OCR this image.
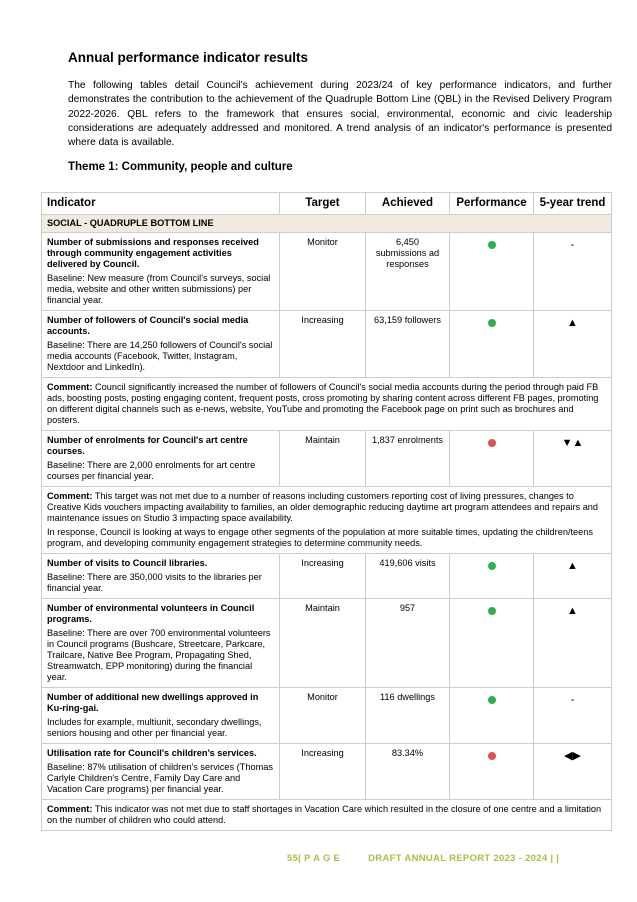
Annual performance indicator results

The following tables detail Council’s achievement during 2023/24 of key performance indicators, and further demonstrates the contribution to the achievement of the Quadruple Bottom Line (QBL) in the Revised Delivery Program 2022-2026. QBL refers to the framework that ensures social, environmental, economic and civic leadership considerations are adequately addressed and monitored. A trend analysis of an indicator's performance is presented where data is available.

Theme 1: Community, people and culture
Indicator	Target	Achieved	Performance	5-year trend
SOCIAL - QUADRUPLE BOTTOM LINE				

Number of submissions and responses received through community engagement activities delivered by Council.
Baseline: New measure (from Council's surveys, social media, website and other written submissions) per financial year.	Monitor	6,450 submissions ad responses		-

Number of followers of Council's social media accounts.
Baseline: There are 14,250 followers of Council's social media accounts (Facebook, Twitter, Instagram, Nextdoor and LinkedIn).	Increasing	63,159 followers		▲
Comment: Council significantly increased the number of followers of Council's social media accounts during the period through paid FB ads, boosting posts, posting engaging content, frequent posts, cross promoting by sharing content across different FB pages, promoting on different digital channels such as e-news, website, YouTube and promoting the Facebook page on print such as brochures and posters.				

Number of enrolments for Council's art centre courses.
Baseline: There are 2,000 enrolments for art centre courses per financial year.	Maintain	1,837 enrolments		▼▲

Comment: This target was not met due to a number of reasons including customers reporting cost of living pressures, changes to Creative Kids vouchers impacting availability to families, an older demographic reducing daytime art program attendees and repairs and maintenance issues on Studio 3 impacting space availability.
In response, Council is looking at ways to engage other segments of the population at more suitable times, updating the children/teens program, and developing community engagement strategies to determine community needs.				

Number of visits to Council libraries.
Baseline: There are 350,000 visits to the libraries per financial year.	Increasing	419,606 visits		▲

Number of environmental volunteers in Council programs.
Baseline: There are over 700 environmental volunteers in Council programs (Bushcare, Streetcare, Parkcare, Trailcare, Native Bee Program, Propagating Shed, Streamwatch, EPP monitoring) during the financial year.	Maintain	957		▲

Number of additional new dwellings approved in Ku-ring-gai.
Includes for example, multiunit, secondary dwellings, seniors housing and other per financial year.	Monitor	116 dwellings		-

Utilisation rate for Council's children’s services.
Baseline: 87% utilisation of children's services (Thomas Carlyle Children's Centre, Family Day Care and Vacation Care programs) per financial year.	Increasing	83.34%		◀▶
Comment: This indicator was not met due to staff shortages in Vacation Care which resulted in the closure of one centre and a limitation on the number of children who could attend.				
55| P A G E	DRAFT ANNUAL REPORT 2023 - 2024 | |
